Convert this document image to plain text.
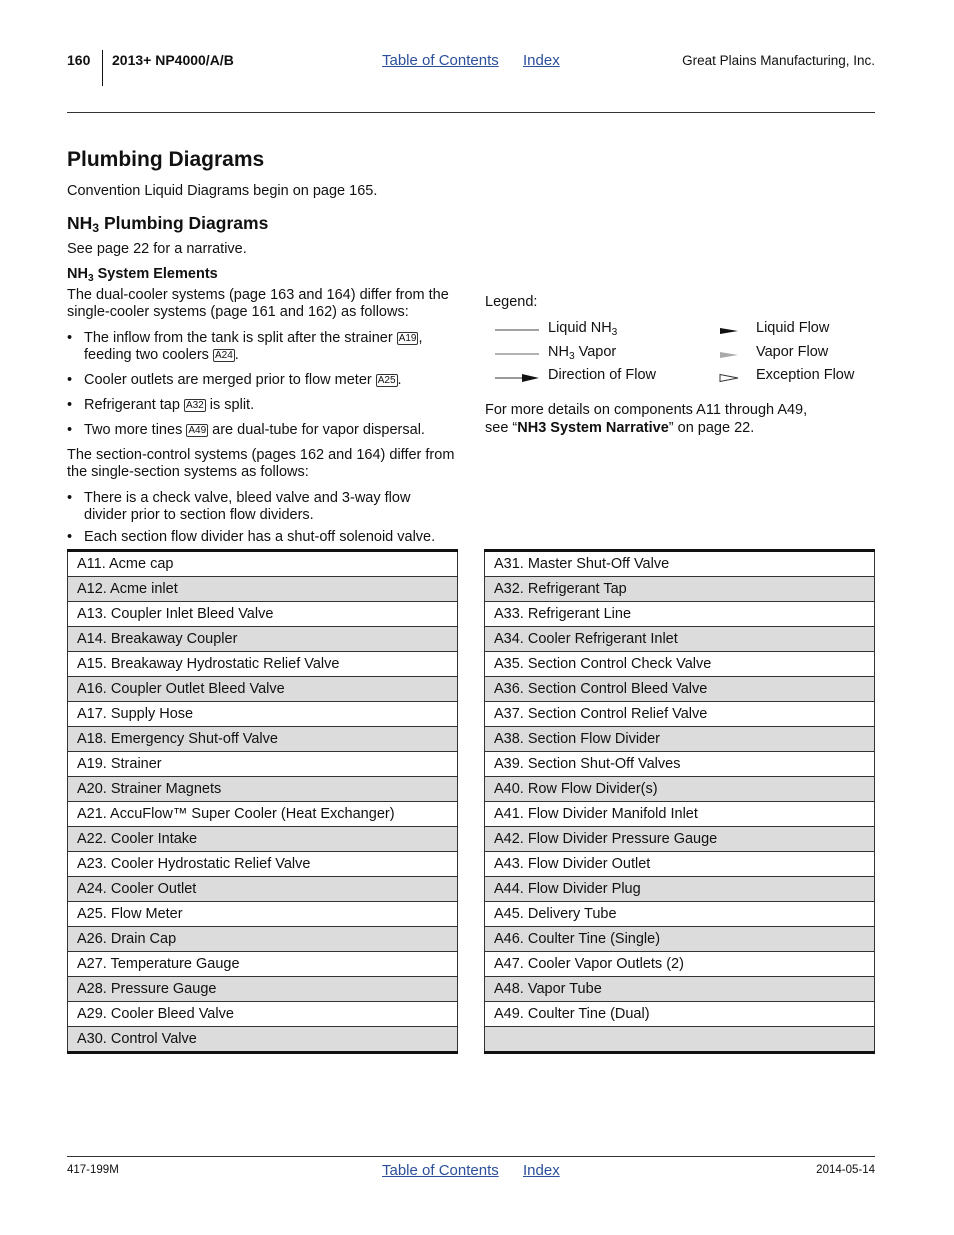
160 2013+ NP4000/A/B	Table of Contents Index	Great Plains Manufacturing, Inc.
Plumbing Diagrams
Convention Liquid Diagrams begin on page 165.
$NH_3$ Plumbing Diagrams
See page 22 for a narrative.
$NH_3$ System Elements
The dual-cooler systems (page 163 and 164) differ from the single-cooler systems (page 161 and 162) as follows:
• The inflow from the tank is split after the strainer A19 ,
feeding two coolers A24 .
• Cooler outlets are merged prior to flow meter A25 .
• Refrigerant tap A32 is split.
• Two more tines A49 are dual-tube for vapor dispersal.
The section-control systems (pages 162 and 164) differ from the single-section systems as follows:
• There is a check valve, bleed valve and 3-way flow divider prior to section flow dividers.
• Each section flow divider has a shut-off solenoid valve.
Legend:
Liquid $NH_3$
$NH_3$ Vapor
Direction of Flow
Liquid Flow
Vapor Flow
Exception Flow
For more details on components A11 through A49,
see “NH3 System Narrative” on page 22.
A11. Acme cap
A12. Acme inlet
A13. Coupler Inlet Bleed Valve
A14. Breakaway Coupler
A15. Breakaway Hydrostatic Relief Valve
A16. Coupler Outlet Bleed Valve
A17. Supply Hose
A18. Emergency Shut-off Valve
A19. Strainer
A20. Strainer Magnets
A21. AccuFlow™ Super Cooler (Heat Exchanger)
A22. Cooler Intake
A23. Cooler Hydrostatic Relief Valve
A24. Cooler Outlet
A25. Flow Meter
A26. Drain Cap
A27. Temperature Gauge
A28. Pressure Gauge
A29. Cooler Bleed Valve
A30. Control Valve
A31. Master Shut-Off Valve
A32. Refrigerant Tap
A33. Refrigerant Line
A34. Cooler Refrigerant Inlet
A35. Section Control Check Valve
A36. Section Control Bleed Valve
A37. Section Control Relief Valve
A38. Section Flow Divider
A39. Section Shut-Off Valves
A40. Row Flow Divider(s)
A41. Flow Divider Manifold Inlet
A42. Flow Divider Pressure Gauge
A43. Flow Divider Outlet
A44. Flow Divider Plug
A45. Delivery Tube
A46. Coulter Tine (Single)
A47. Cooler Vapor Outlets (2)
A48. Vapor Tube
A49. Coulter Tine (Dual)

417-199M	Table of Contents Index	2014-05-14
